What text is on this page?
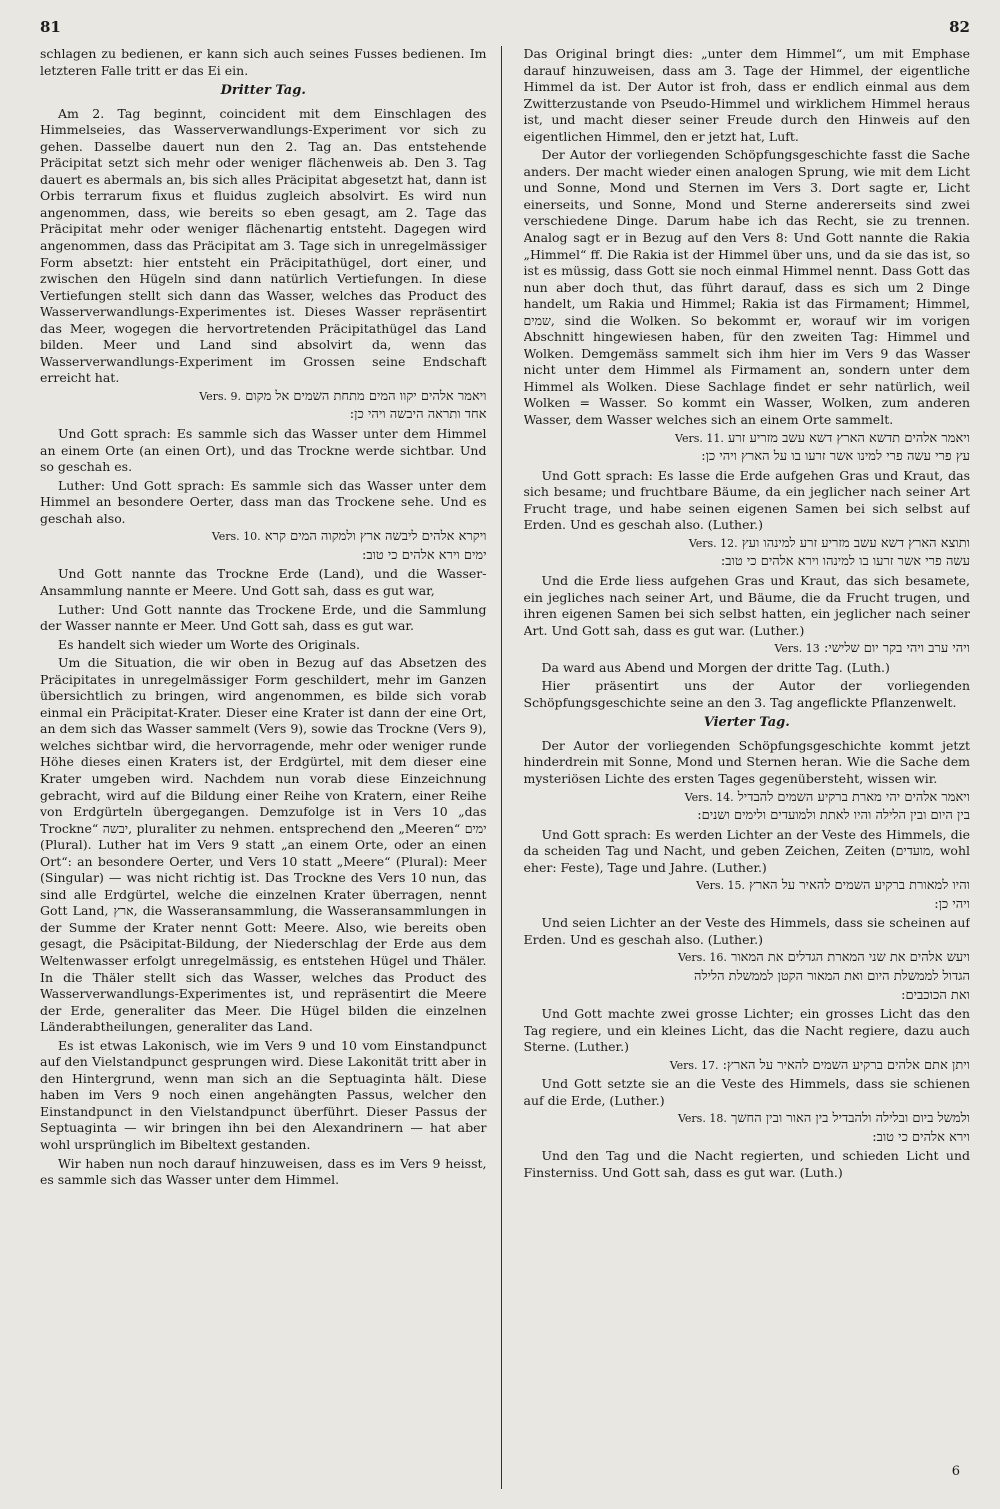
81	82

schlagen zu bedienen, er kann sich auch seines Fusses bedienen. Im letzteren Falle tritt er das Ei ein.

Dritter Tag.

Am 2. Tag beginnt, coincident mit dem Einschlagen des Himmelseies, das Wasserverwandlungs-Experiment vor sich zu gehen. Dasselbe dauert nun den 2. Tag an. Das entstehende Präcipitat setzt sich mehr oder weniger flächenweis ab. Den 3. Tag dauert es abermals an, bis sich alles Präcipitat abgesetzt hat, dann ist Orbis terrarum fixus et fluidus zugleich absolvirt. Es wird nun angenommen, dass, wie bereits so eben gesagt, am 2. Tage das Präcipitat mehr oder weniger flächenartig entsteht. Dagegen wird angenommen, dass das Präcipitat am 3. Tage sich in unregelmässiger Form absetzt: hier entsteht ein Präcipitathügel, dort einer, und zwischen den Hügeln sind dann natürlich Vertiefungen. In diese Vertiefungen stellt sich dann das Wasser, welches das Product des Wasserverwandlungs-Experimentes ist. Dieses Wasser repräsentirt das Meer, wogegen die hervortretenden Präcipitathügel das Land bilden. Meer und Land sind absolvirt da, wenn das Wasserverwandlungs-Experiment im Grossen seine Endschaft erreicht hat.

ויאמר אלהים יקוו המים מתחת השמים אל מקום Vers. 9.
אחד ותראה היבשה ויהי כן:

Und Gott sprach: Es sammle sich das Wasser unter dem Himmel an einem Orte (an einen Ort), und das Trockne werde sichtbar. Und so geschah es.

Luther: Und Gott sprach: Es sammle sich das Wasser unter dem Himmel an besondere Oerter, dass man das Trockene sehe. Und es geschah also.

ויקרא אלהים ליבשה ארץ ולמקוה המים קרא Vers. 10.
ימים וירא אלהים כי טוב:

Und Gott nannte das Trockne Erde (Land), und die Wasser-Ansammlung nannte er Meere. Und Gott sah, dass es gut war,

Luther: Und Gott nannte das Trockene Erde, und die Sammlung der Wasser nannte er Meer. Und Gott sah, dass es gut war.

Es handelt sich wieder um Worte des Originals.

Um die Situation, die wir oben in Bezug auf das Absetzen des Präcipitates in unregelmässiger Form geschildert, mehr im Ganzen übersichtlich zu bringen, wird angenommen, es bilde sich vorab einmal ein Präcipitat-Krater. Dieser eine Krater ist dann der eine Ort, an dem sich das Wasser sammelt (Vers 9), sowie das Trockne (Vers 9), welches sichtbar wird, die hervorragende, mehr oder weniger runde Höhe dieses einen Kraters ist, der Erdgürtel, mit dem dieser eine Krater umgeben wird. Nachdem nun vorab diese Einzeichnung gebracht, wird auf die Bildung einer Reihe von Kratern, einer Reihe von Erdgürteln übergegangen. Demzufolge ist in Vers 10 „das Trockne“ יבשה, pluraliter zu nehmen. entsprechend den „Meeren“ ימים (Plural). Luther hat im Vers 9 statt „an einem Orte, oder an einen Ort“: an besondere Oerter, und Vers 10 statt „Meere“ (Plural): Meer (Singular) — was nicht richtig ist. Das Trockne des Vers 10 nun, das sind alle Erdgürtel, welche die einzelnen Krater überragen, nennt Gott Land, ארץ, die Wasseransammlung, die Wasseransammlungen in der Summe der Krater nennt Gott: Meere. Also, wie bereits oben gesagt, die Psäcipitat-Bildung, der Niederschlag der Erde aus dem Weltenwasser erfolgt unregelmässig, es entstehen Hügel und Thäler. In die Thäler stellt sich das Wasser, welches das Product des Wasserverwandlungs-Experimentes ist, und repräsentirt die Meere der Erde, generaliter das Meer. Die Hügel bilden die einzelnen Länderabtheilungen, generaliter das Land.

Es ist etwas Lakonisch, wie im Vers 9 und 10 vom Einstandpunct auf den Vielstandpunct gesprungen wird. Diese Lakonität tritt aber in den Hintergrund, wenn man sich an die Septuaginta hält. Diese haben im Vers 9 noch einen angehängten Passus, welcher den Einstandpunct in den Vielstandpunct überführt. Dieser Passus der Septuaginta — wir bringen ihn bei den Alexandrinern — hat aber wohl ursprünglich im Bibeltext gestanden.

Wir haben nun noch darauf hinzuweisen, dass es im Vers 9 heisst, es sammle sich das Wasser unter dem Himmel.

Das Original bringt dies: „unter dem Himmel“, um mit Emphase darauf hinzuweisen, dass am 3. Tage der Himmel, der eigentliche Himmel da ist. Der Autor ist froh, dass er endlich einmal aus dem Zwitterzustande von Pseudo-Himmel und wirklichem Himmel heraus ist, und macht dieser seiner Freude durch den Hinweis auf den eigentlichen Himmel, den er jetzt hat, Luft.

Der Autor der vorliegenden Schöpfungsgeschichte fasst die Sache anders. Der macht wieder einen analogen Sprung, wie mit dem Licht und Sonne, Mond und Sternen im Vers 3. Dort sagte er, Licht einerseits, und Sonne, Mond und Sterne andererseits sind zwei verschiedene Dinge. Darum habe ich das Recht, sie zu trennen. Analog sagt er in Bezug auf den Vers 8: Und Gott nannte die Rakia „Himmel“ ff. Die Rakia ist der Himmel über uns, und da sie das ist, so ist es müssig, dass Gott sie noch einmal Himmel nennt. Dass Gott das nun aber doch thut, das führt darauf, dass es sich um 2 Dinge handelt, um Rakia und Himmel; Rakia ist das Firmament; Himmel, שמים, sind die Wolken. So bekommt er, worauf wir im vorigen Abschnitt hingewiesen haben, für den zweiten Tag: Himmel und Wolken. Demgemäss sammelt sich ihm hier im Vers 9 das Wasser nicht unter dem Himmel als Firmament an, sondern unter dem Himmel als Wolken. Diese Sachlage findet er sehr natürlich, weil Wolken = Wasser. So kommt ein Wasser, Wolken, zum anderen Wasser, dem Wasser welches sich an einem Orte sammelt.

ויאמר אלהים תדשא הארץ דשא עשב מזריע זרע Vers. 11.
עץ פרי עשה פרי למינו אשר זרעו בו על הארץ ויהי כן:

Und Gott sprach: Es lasse die Erde aufgehen Gras und Kraut, das sich besame; und fruchtbare Bäume, da ein jeglicher nach seiner Art Frucht trage, und habe seinen eigenen Samen bei sich selbst auf Erden. Und es geschah also. (Luther.)

ותוצא הארץ דשא עשב מזריע זרע למינהו ועץ Vers. 12.
עשה פרי אשר זרעו בו למינהו וירא אלהים כי טוב:

Und die Erde liess aufgehen Gras und Kraut, das sich besamete, ein jegliches nach seiner Art, und Bäume, die da Frucht trugen, und ihren eigenen Samen bei sich selbst hatten, ein jeglicher nach seiner Art. Und Gott sah, dass es gut war. (Luther.)

ויהי ערב ויהי בקר יום שלישי: Vers. 13

Da ward aus Abend und Morgen der dritte Tag. (Luth.)

Hier präsentirt uns der Autor der vorliegenden Schöpfungsgeschichte seine an den 3. Tag angeflickte Pflanzenwelt.

Vierter Tag.

Der Autor der vorliegenden Schöpfungsgeschichte kommt jetzt hinderdrein mit Sonne, Mond und Sternen heran. Wie die Sache dem mysteriösen Lichte des ersten Tages gegenübersteht, wissen wir.

ויאמר אלהים יהי מארת ברקיע השמים להבדיל Vers. 14.
בין היום ובין הלילה והיו לאתת ולמועדים ולימים ושנים:

Und Gott sprach: Es werden Lichter an der Veste des Himmels, die da scheiden Tag und Nacht, und geben Zeichen, Zeiten (מועדים, wohl eher: Feste), Tage und Jahre. (Luther.)

והיו למאורת ברקיע השמים להאיר על הארץ Vers. 15.
ויהי כן:

Und seien Lichter an der Veste des Himmels, dass sie scheinen auf Erden. Und es geschah also. (Luther.)

ויעש אלהים את שני המארת הגדלים את המאור Vers. 16.
הגדול לממשלת היום ואת המאור הקטן לממשלת הלילה
ואת הכוכבים:

Und Gott machte zwei grosse Lichter; ein grosses Licht das den Tag regiere, und ein kleines Licht, das die Nacht regiere, dazu auch Sterne. (Luther.)

ויתן אתם אלהים ברקיע השמים להאיר על הארץ: Vers. 17.

Und Gott setzte sie an die Veste des Himmels, dass sie schienen auf die Erde, (Luther.)

ולמשל ביום ובלילה ולהבדיל בין האור ובין החשך Vers. 18.
וירא אלהים כי טוב:

Und den Tag und die Nacht regierten, und schieden Licht und Finsterniss. Und Gott sah, dass es gut war. (Luth.)

6
